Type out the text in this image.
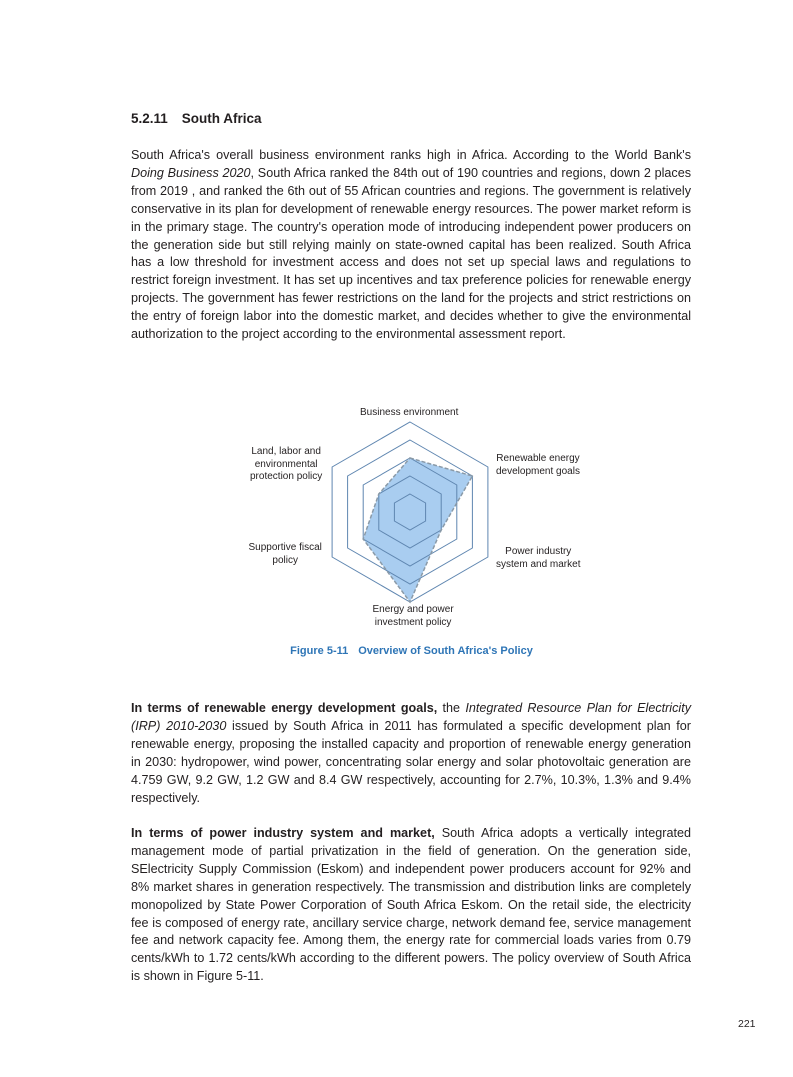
5.2.11 South Africa

South Africa's overall business environment ranks high in Africa. According to the World Bank's Doing Business 2020, South Africa ranked the 84th out of 190 countries and regions, down 2 places from 2019 , and ranked the 6th out of 55 African countries and regions. The government is relatively conservative in its plan for development of renewable energy resources. The power market reform is in the primary stage. The country's operation mode of introducing independent power producers on the generation side but still relying mainly on state-owned capital has been realized. South Africa has a low threshold for investment access and does not set up special laws and regulations to restrict foreign investment. It has set up incentives and tax preference policies for renewable energy projects. The government has fewer restrictions on the land for the projects and strict restrictions on the entry of foreign labor into the domestic market, and decides whether to give the environmental authorization to the project according to the environmental assessment report.

Business environment
Renewable energy
development goals
Power industry
system and market
Energy and power
investment policy
Supportive fiscal
policy
Land, labor and
environmental
protection policy
Figure 5-11 Overview of South Africa's Policy

In terms of renewable energy development goals, the Integrated Resource Plan for Electricity (IRP) 2010-2030 issued by South Africa in 2011 has formulated a specific development plan for renewable energy, proposing the installed capacity and proportion of renewable energy generation in 2030: hydropower, wind power, concentrating solar energy and solar photovoltaic generation are 4.759 GW, 9.2 GW, 1.2 GW and 8.4 GW respectively, accounting for 2.7%, 10.3%, 1.3% and 9.4% respectively.

In terms of power industry system and market, South Africa adopts a vertically integrated management mode of partial privatization in the field of generation. On the generation side, SElectricity Supply Commission (Eskom) and independent power producers account for 92% and 8% market shares in generation respectively. The transmission and distribution links are completely monopolized by State Power Corporation of South Africa Eskom. On the retail side, the electricity fee is composed of energy rate, ancillary service charge, network demand fee, service management fee and network capacity fee. Among them, the energy rate for commercial loads varies from 0.79 cents/kWh to 1.72 cents/kWh according to the different powers. The policy overview of South Africa is shown in Figure 5-11.

221
